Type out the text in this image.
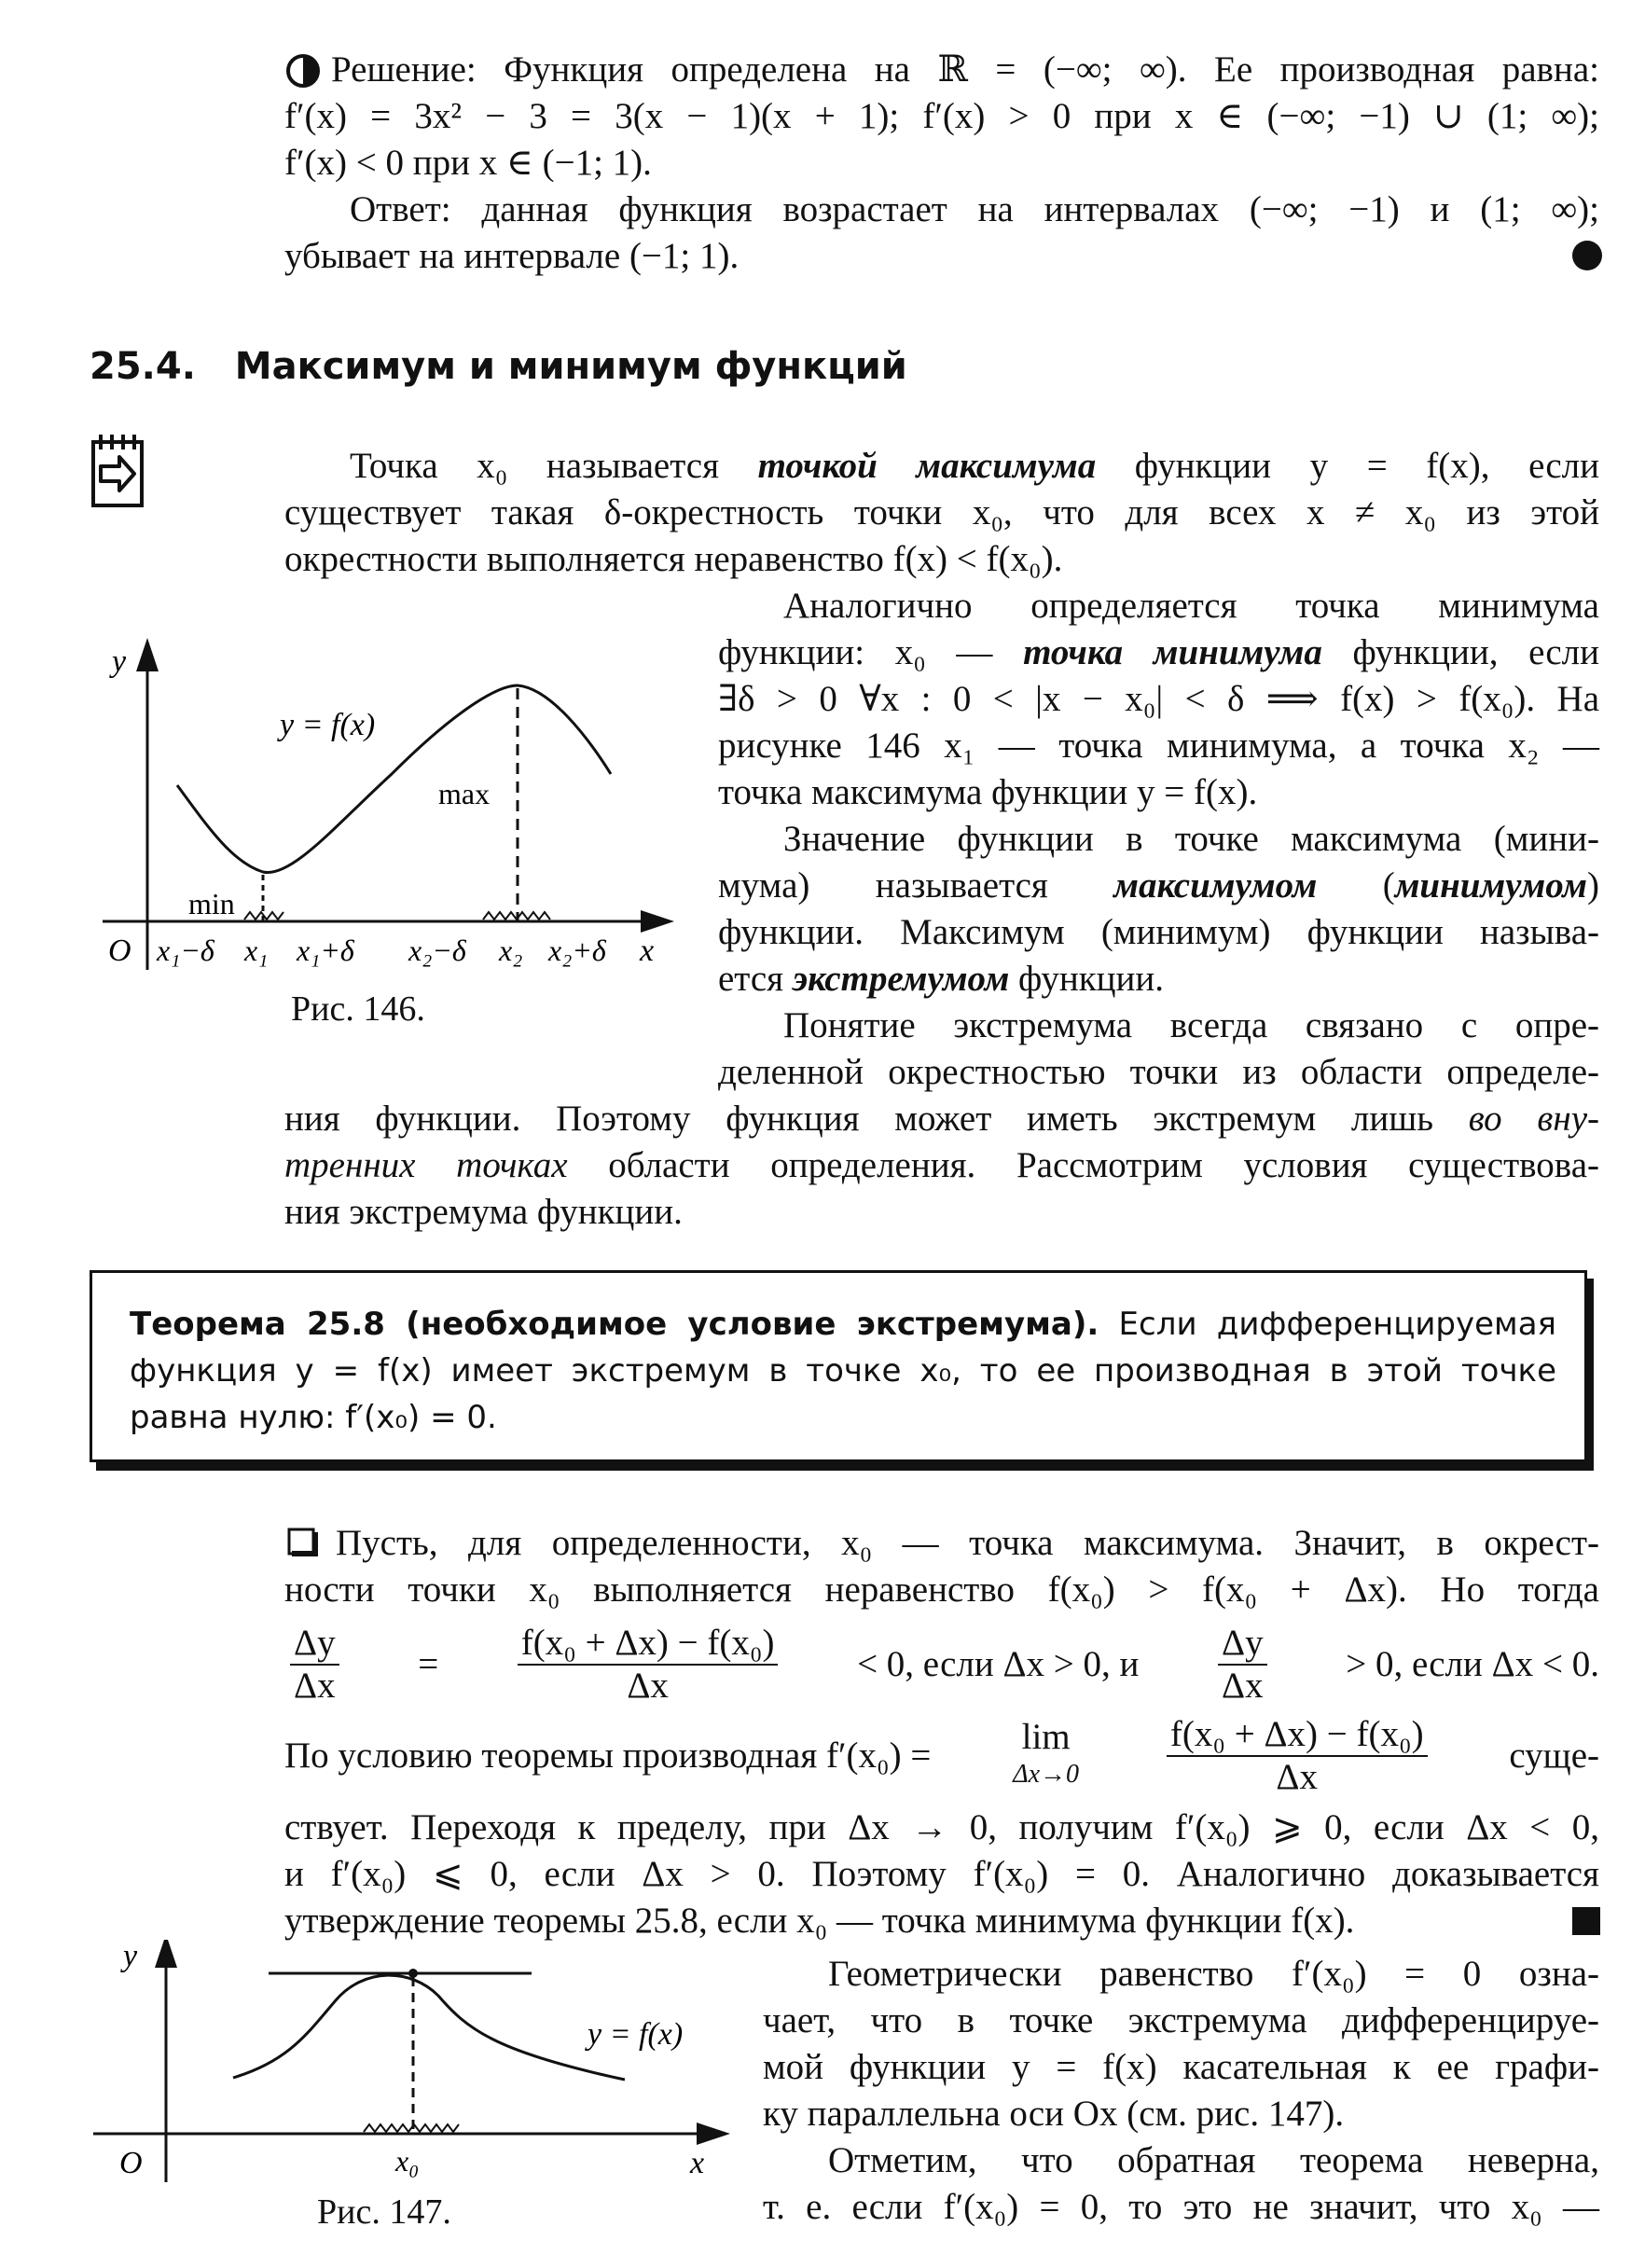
Решение: Функция определена на ℝ = (−∞; ∞). Ее производная равна:
f′(x) = 3x² − 3 = 3(x − 1)(x + 1); f′(x) > 0 при x ∈ (−∞; −1) ∪ (1; ∞);
f′(x) < 0 при x ∈ (−1; 1).
Ответ: данная функция возрастает на интервалах (−∞; −1) и (1; ∞);
убывает на интервале (−1; 1).
25.4. Максимум и минимум функций
Точка x₀ называется точкой максимума функции y = f(x), если
существует такая δ-окрестность точки x₀, что для всех x ≠ x₀ из этой
окрестности выполняется неравенство f(x) < f(x₀).
Аналогично определяется точка минимума
функции: x₀ — точка минимума функции, если
∃δ > 0 ∀x : 0 < |x − x₀| < δ ⟹ f(x) > f(x₀). На
рисунке 146 x₁ — точка минимума, а точка x₂ —
точка максимума функции y = f(x).
Значение функции в точке максимума (мини-
мума) называется максимумом (минимумом)
функции. Максимум (минимум) функции называ-
ется экстремумом функции.
Понятие экстремума всегда связано с опре-
деленной окрестностью точки из области определе-
ния функции. Поэтому функция может иметь экстремум лишь во вну-
тренних точках области определения. Рассмотрим условия существова-
ния экстремума функции.
y
O	x
y = f(x)
max
min
x₁−δ x₁ x₁+δ x₂−δ x₂ x₂+δ
Рис. 146.
Теорема 25.8 (необходимое условие экстремума). Если дифференцируемая
функция y = f(x) имеет экстремум в точке x₀, то ее производная в этой точке
равна нулю: f′(x₀) = 0.
Пусть, для определенности, x₀ — точка максимума. Значит, в окрест-
ности точки x₀ выполняется неравенство f(x₀) > f(x₀ + Δx). Но тогда
$\frac{\Delta y}{\Delta x} = \frac{\text{f(x₀ + Δx) − f(x₀)}}{\Delta x} < 0$, если Δx > 0, и $\frac{\Delta y}{\Delta x} > 0$, если Δx < 0.
По условию теоремы производная f′(x₀) = lim
$\Delta x\to 0 \frac{\text{f(x₀ + Δx) − f(x₀)}}{\Delta x}$ суще-
ствует. Переходя к пределу, при Δx → 0, получим f′(x₀) ⩾ 0, если Δx < 0,
и f′(x₀) ⩽ 0, если Δx > 0. Поэтому f′(x₀) = 0. Аналогично доказывается
утверждение теоремы 25.8, если x₀ — точка минимума функции f(x).
y
O	x
y = f(x)
x₀
Рис. 147.
Геометрически равенство f′(x₀) = 0 озна-
чает, что в точке экстремума дифференцируе-
мой функции y = f(x) касательная к ее графи-
ку параллельна оси Ox (см. рис. 147).
Отметим, что обратная теорема неверна,
т. е. если f′(x₀) = 0, то это не значит, что x₀ —
